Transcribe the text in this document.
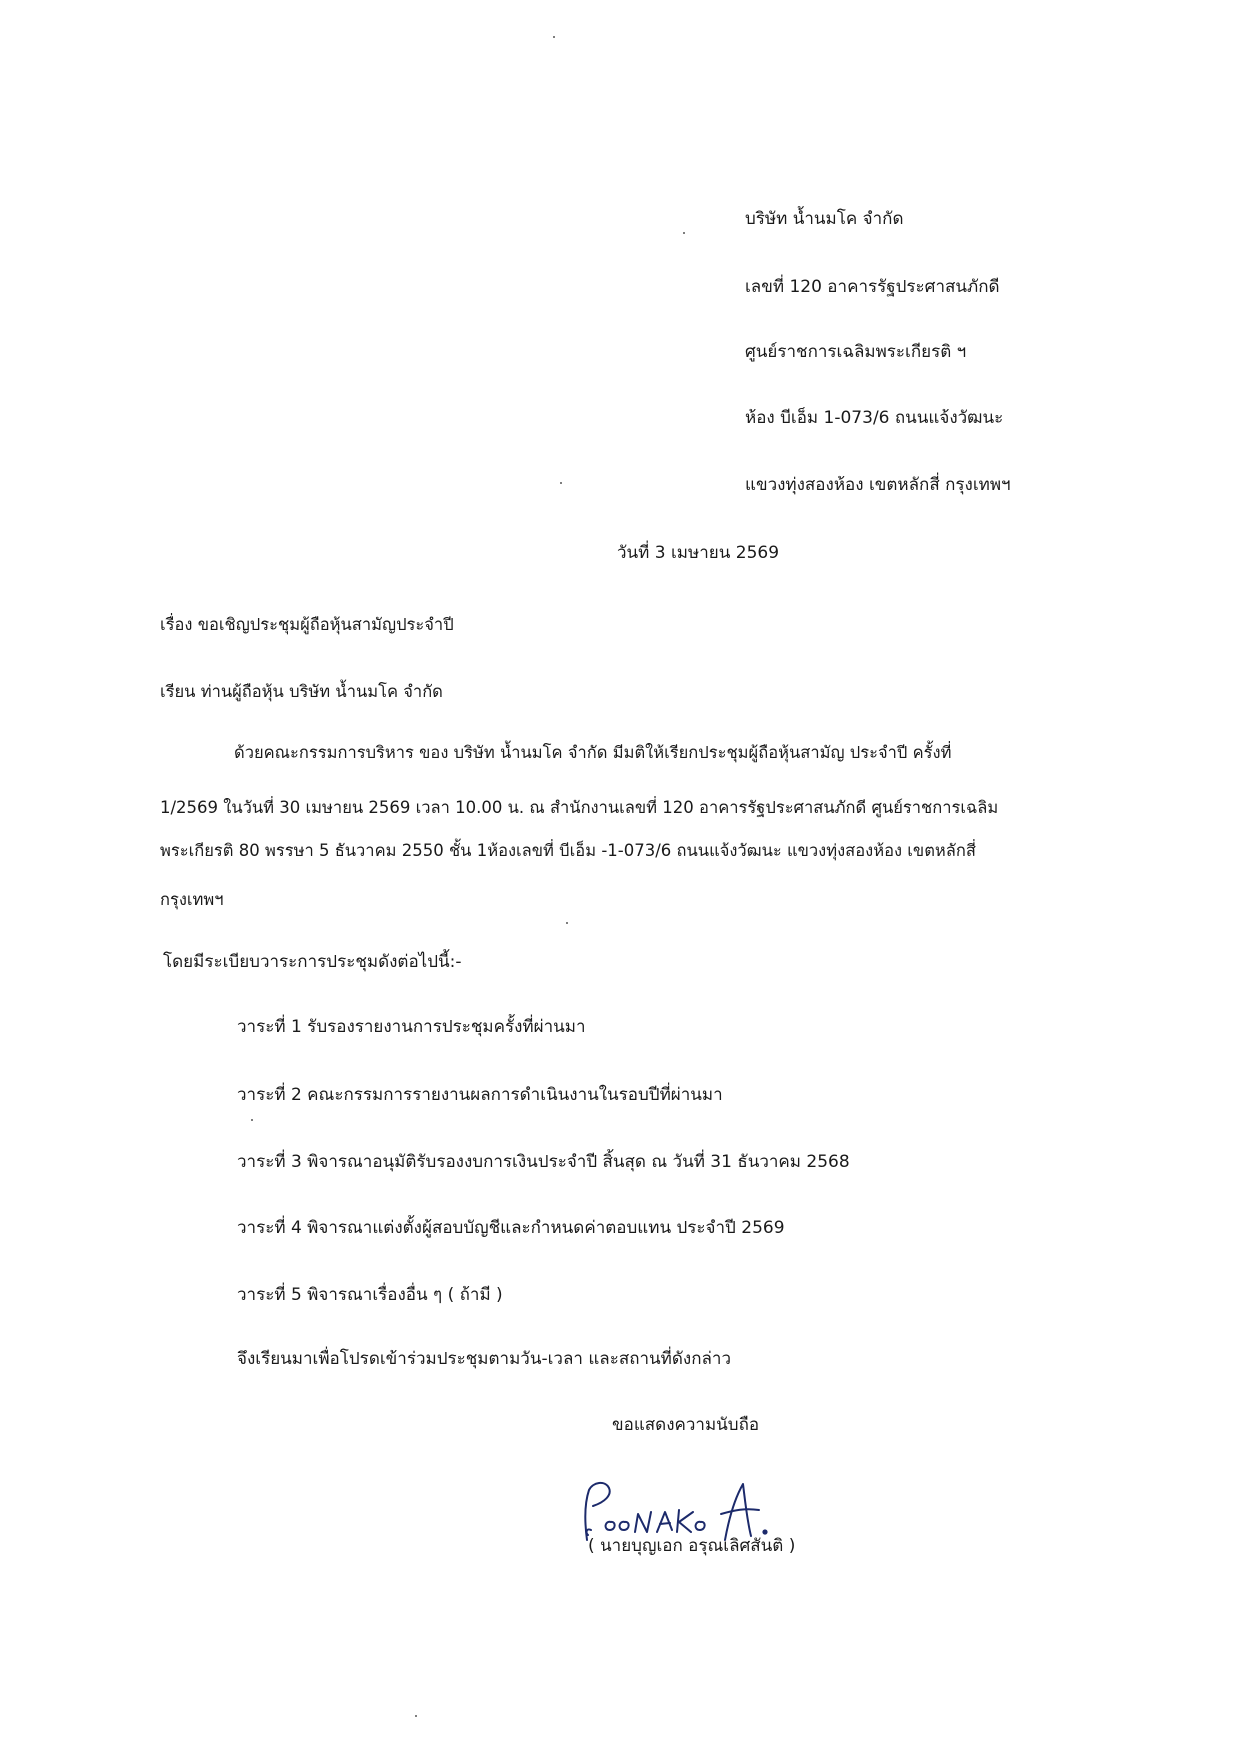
บริษัท น้ำนมโค จำกัด
เลขที่ 120 อาคารรัฐประศาสนภักดี
ศูนย์ราชการเฉลิมพระเกียรติ ฯ
ห้อง บีเอ็ม 1-073/6 ถนนแจ้งวัฒนะ
แขวงทุ่งสองห้อง เขตหลักสี่ กรุงเทพฯ
วันที่ 3 เมษายน 2569
เรื่อง ขอเชิญประชุมผู้ถือหุ้นสามัญประจำปี
เรียน ท่านผู้ถือหุ้น บริษัท น้ำนมโค จำกัด
ด้วยคณะกรรมการบริหาร ของ บริษัท น้ำนมโค จำกัด มีมติให้เรียกประชุมผู้ถือหุ้นสามัญ ประจำปี ครั้งที่
1/2569 ในวันที่ 30 เมษายน 2569 เวลา 10.00 น. ณ สำนักงานเลขที่ 120 อาคารรัฐประศาสนภักดี ศูนย์ราชการเฉลิม
พระเกียรติ 80 พรรษา 5 ธันวาคม 2550 ชั้น 1ห้องเลขที่ บีเอ็ม -1-073/6 ถนนแจ้งวัฒนะ แขวงทุ่งสองห้อง เขตหลักสี่
กรุงเทพฯ
โดยมีระเบียบวาระการประชุมดังต่อไปนี้:-
วาระที่ 1 รับรองรายงานการประชุมครั้งที่ผ่านมา
วาระที่ 2 คณะกรรมการรายงานผลการดำเนินงานในรอบปีที่ผ่านมา
วาระที่ 3 พิจารณาอนุมัติรับรองงบการเงินประจำปี สิ้นสุด ณ วันที่ 31 ธันวาคม 2568
วาระที่ 4 พิจารณาแต่งตั้งผู้สอบบัญชีและกำหนดค่าตอบแทน ประจำปี 2569
วาระที่ 5 พิจารณาเรื่องอื่น ๆ ( ถ้ามี )
จึงเรียนมาเพื่อโปรดเข้าร่วมประชุมตามวัน-เวลา และสถานที่ดังกล่าว
ขอแสดงความนับถือ
( นายบุญเอก อรุณเลิศสันติ )
